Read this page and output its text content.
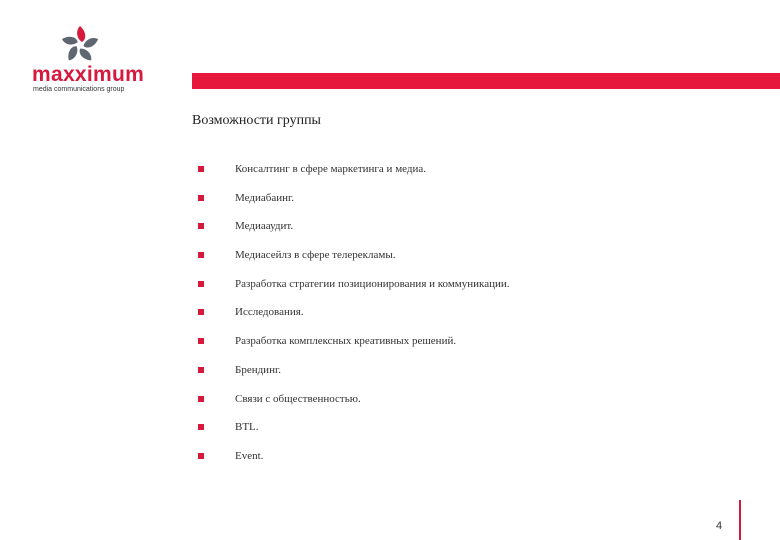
maxximum
media communications group
Возможности группы
Консалтинг в сфере маркетинга и медиа.
Медиабаинг.
Медиааудит.
Медиасейлз в сфере телерекламы.
Разработка стратегии позиционирования и коммуникации.
Исследования.
Разработка комплексных креативных решений.
Брендинг.
Связи с общественностью.
BTL.
Event.
4
